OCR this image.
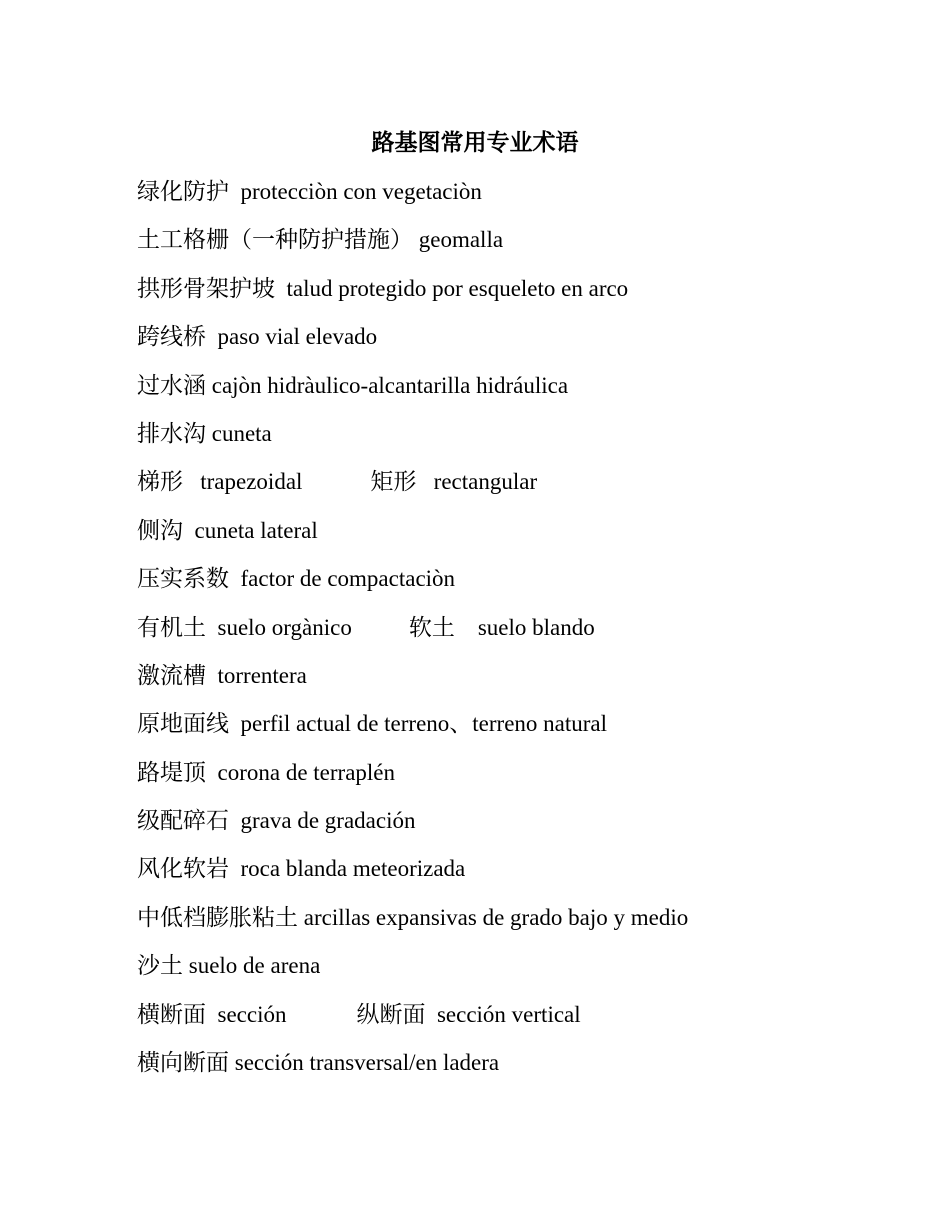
路基图常用专业术语
绿化防护 protecciòn con vegetaciòn
土工格栅（一种防护措施） geomalla
拱形骨架护坡 talud protegido por esqueleto en arco
跨线桥 paso vial elevado
过水涵 cajòn hidràulico-alcantarilla hidráulica
排水沟 cuneta
梯形 trapezoidal	矩形 rectangular
侧沟 cuneta lateral
压实系数 factor de compactaciòn
有机土 suelo orgànico 软土 suelo blando
激流槽 torrentera
原地面线 perfil actual de terreno、terreno natural
路堤顶 corona de terraplén
级配碎石 grava de gradación
风化软岩 roca blanda meteorizada
中低档膨胀粘土 arcillas expansivas de grado bajo y medio
沙土 suelo de arena
横断面 sección	纵断面 sección vertical
横向断面 sección transversal/en ladera
